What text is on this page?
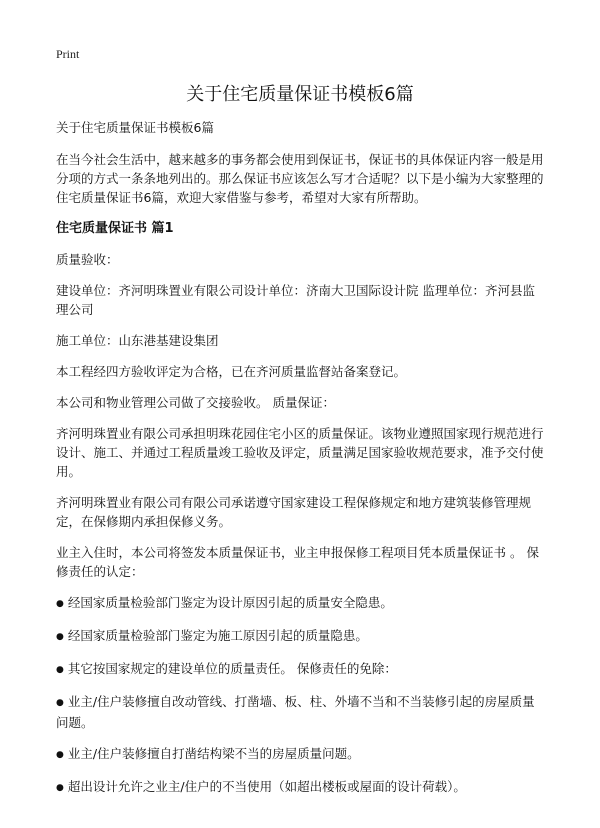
Print
关于住宅质量保证书模板6篇

关于住宅质量保证书模板6篇

在当今社会生活中，越来越多的事务都会使用到保证书，保证书的具体保证内容一般是用分项的方式一条条地列出的。那么保证书应该怎么写才合适呢？以下是小编为大家整理的住宅质量保证书6篇，欢迎大家借鉴与参考，希望对大家有所帮助。

住宅质量保证书 篇1

质量验收：

建设单位：齐河明珠置业有限公司设计单位：济南大卫国际设计院 监理单位：齐河县监理公司

施工单位：山东港基建设集团

本工程经四方验收评定为合格，已在齐河质量监督站备案登记。

本公司和物业管理公司做了交接验收。 质量保证：

齐河明珠置业有限公司承担明珠花园住宅小区的质量保证。该物业遵照国家现行规范进行设计、施工、并通过工程质量竣工验收及评定，质量满足国家验收规范要求，准予交付使用。

齐河明珠置业有限公司有限公司承诺遵守国家建设工程保修规定和地方建筑装修管理规定，在保修期内承担保修义务。

业主入住时，本公司将签发本质量保证书，业主申报保修工程项目凭本质量保证书 。 保修责任的认定：

● 经国家质量检验部门鉴定为设计原因引起的质量安全隐患。

● 经国家质量检验部门鉴定为施工原因引起的质量隐患。

● 其它按国家规定的建设单位的质量责任。 保修责任的免除：

● 业主/住户装修擅自改动管线、打凿墙、板、柱、外墙不当和不当装修引起的房屋质量问题。

● 业主/住户装修擅自打凿结构梁不当的房屋质量问题。

● 超出设计允许之业主/住户的不当使用（如超出楼板或屋面的设计荷载）。
